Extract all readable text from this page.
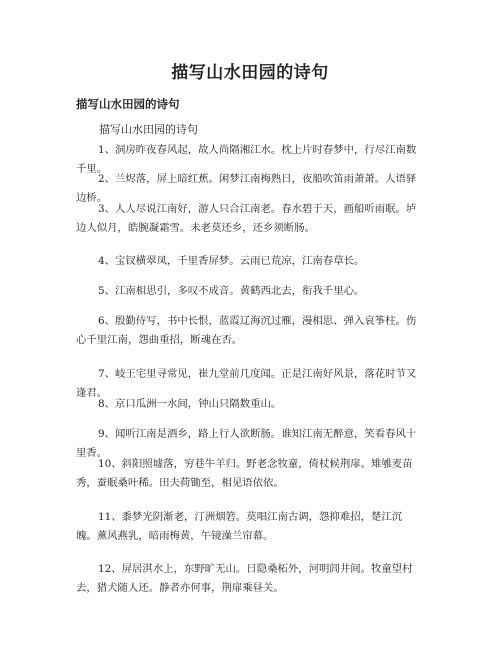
描写山水田园的诗句
描写山水田园的诗句
描写山水田园的诗句

1、洞房昨夜春风起，故人尚隔湘江水。枕上片时春梦中，行尽江南数千里。

2、兰烬落，屏上暗红蕉。闲梦江南梅熟日，夜船吹笛雨萧萧。人语驿边桥。

3、人人尽说江南好，游人只合江南老。春水碧于天，画船听雨眠。垆边人似月，皓腕凝霜雪。未老莫还乡，还乡须断肠。

4、宝钗横翠凤，千里香屏梦。云雨已荒凉，江南春草长。

5、江南相思引，多叹不成音。黄鹤西北去，衔我千里心。

6、殷勤侍写，书中长恨，蓝霞辽海沉过雁，漫相思、弹入哀筝柱。伤心千里江南，怨曲重招，断魂在否。

7、岐王宅里寻常见，崔九堂前几度闻。正是江南好风景，落花时节又逢君。

8、京口瓜洲一水间，钟山只隔数重山。

9、闻听江南是酒乡，路上行人欲断肠。谁知江南无醉意，笑看春风十里香。

10、斜阳照墟落，穷巷牛羊归。野老念牧童，倚杖候荆扉。雉雊麦苗秀，蚕眠桑叶稀。田夫荷锄至，相见语依依。

11、黍梦光阴渐老，汀洲烟箬。莫唱江南古调，怨抑难招，楚江沉魄。薰风燕乳，暗雨梅黄，午镜澡兰帘幕。

12、屏居淇水上，东野旷无山。日隐桑柘外，河明闾井间。牧童望村去，猎犬随人还。静者亦何事，荆扉乘昼关。
